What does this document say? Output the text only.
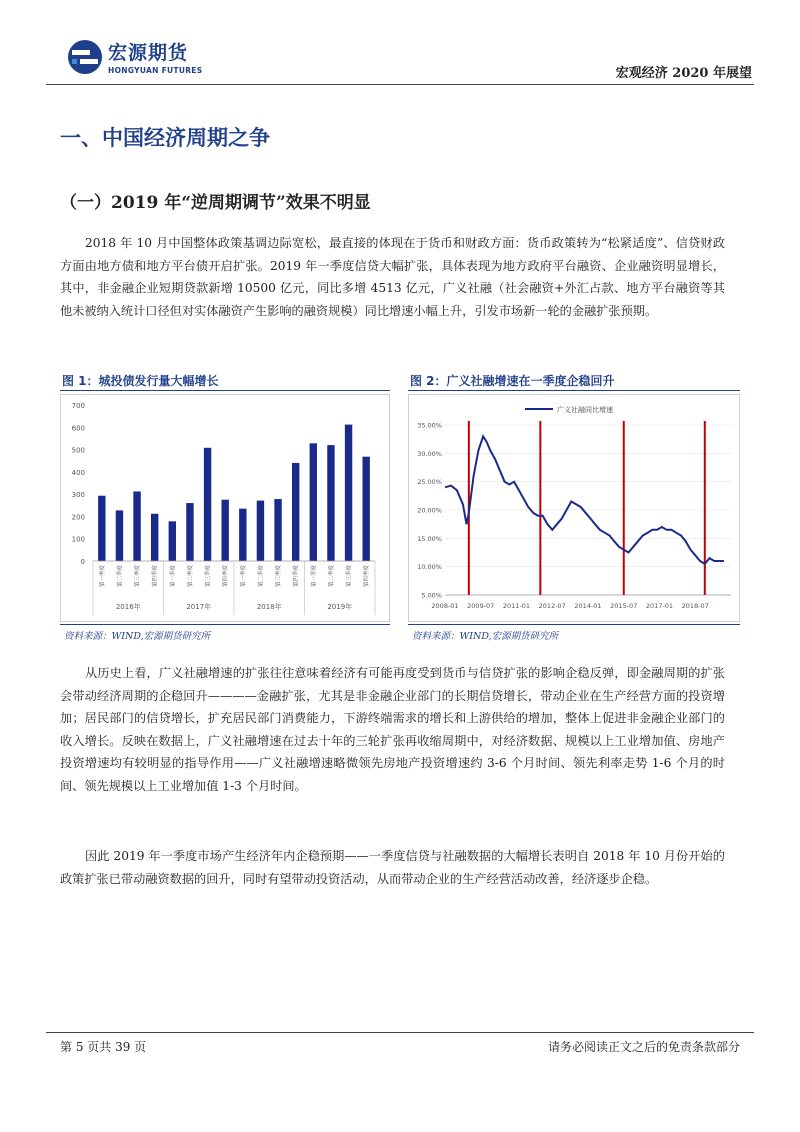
宏源期货
HONGYUAN FUTURES	宏观经济 2020 年展望
一、中国经济周期之争
（一）2019 年“逆周期调节”效果不明显

2018 年 10 月中国整体政策基调边际宽松，最直接的体现在于货币和财政方面：货币政策转为“松紧适度”、信贷财政方面由地方债和地方平台债开启扩张。2019 年一季度信贷大幅扩张，具体表现为地方政府平台融资、企业融资明显增长，其中，非金融企业短期贷款新增 10500 亿元，同比多增 4513 亿元，广义社融（社会融资+外汇占款、地方平台融资等其他未被纳入统计口径但对实体融资产生影响的融资规模）同比增速小幅上升，引发市场新一轮的金融扩张预期。

图 1：城投债发行量大幅增长	图 2：广义社融增速在一季度企稳回升
0
100
200
300
400
500
600
700
第一季度	第二季度	第三季度	第四季度	第一季度	第二季度	第三季度	第四季度	第一季度	第二季度	第三季度	第四季度	第一季度	第二季度	第三季度	第四季度
2016年	2017年	2018年	2019年
5.00%
10.00%
15.00%
20.00%
25.00%
30.00%
35.00%
2008-01 2009-07 2011-01 2012-07 2014-01 2015-07 2017-01 2018-07
广义社融同比增速
资料来源：WIND,宏源期货研究所	资料来源：WIND,宏源期货研究所

从历史上看，广义社融增速的扩张往往意味着经济有可能再度受到货币与信贷扩张的影响企稳反弹，即金融周期的扩张会带动经济周期的企稳回升————金融扩张，尤其是非金融企业部门的长期信贷增长，带动企业在生产经营方面的投资增加；居民部门的信贷增长，扩充居民部门消费能力，下游终端需求的增长和上游供给的增加，整体上促进非金融企业部门的收入增长。反映在数据上，广义社融增速在过去十年的三轮扩张再收缩周期中，对经济数据、规模以上工业增加值、房地产投资增速均有较明显的指导作用——广义社融增速略微领先房地产投资增速约 3-6 个月时间、领先利率走势 1-6 个月的时间、领先规模以上工业增加值 1-3 个月时间。

因此 2019 年一季度市场产生经济年内企稳预期——一季度信贷与社融数据的大幅增长表明自 2018 年 10 月份开始的政策扩张已带动融资数据的回升，同时有望带动投资活动，从而带动企业的生产经营活动改善，经济逐步企稳。

第 5 页共 39 页	请务必阅读正文之后的免责条款部分
